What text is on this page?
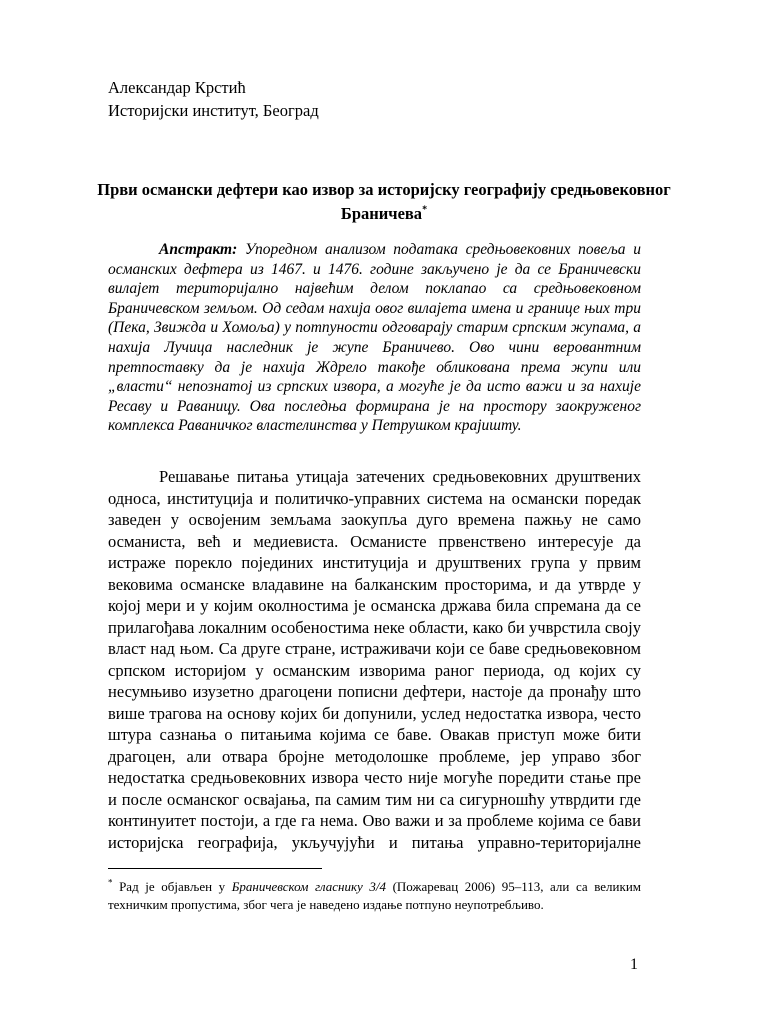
Александар Крстић
Историјски институт, Београд
Први османски дефтери као извор за историјску географију средњовековног Браничева*
Апстракт: Упоредном анализом података средњовековних повеља и османских дефтера из 1467. и 1476. године закључено је да се Браничевски вилајет територијално највећим делом поклапао са средњовековном Браничевском земљом. Од седам нахија овог вилајета имена и границе њих три (Пека, Звижда и Хомоља) у потпуности одговарају старим српским жупама, а нахија Лучица наследник је жупе Браничево. Ово чини веровантним претпоставку да је нахија Ждрело такође обликована према жупи или „власти“ непознатој из српских извора, а могуће је да исто важи и за нахије Ресаву и Раваницу. Ова последња формирана је на простору заокруженог комплекса Раваничког властелинства у Петрушком крајишту.
Решавање питања утицаја затечених средњовековних друштвених односа, институција и политичко-управних система на османски поредак заведен у освојеним земљама заокупља дуго времена пажњу не само османиста, већ и медиевиста. Османисте првенствено интересује да истраже порекло појединих институција и друштвених група у првим вековима османске владавине на балканским просторима, и да утврде у којој мери и у којим околностима је османска држава била спремана да се прилагођава локалним особеностима неке области, како би учврстила своју власт над њом. Са друге стране, истраживачи који се баве средњовековном српском историјом у османским изворима раног периода, од којих су несумњиво изузетно драгоцени пописни дефтери, настоје да пронађу што више трагова на основу којих би допунили, услед недостатка извора, често штура сазнања о питањима којима се баве. Овакав приступ може бити драгоцен, али отвара бројне методолошке проблеме, јер управо због недостатка средњовековних извора често није могуће поредити стање пре и после османског освајања, па самим тим ни са сигурношћу утврдити где континуитет постоји, а где га нема. Ово важи и за проблеме којима се бави историјска географија, укључујући и питања управно-територијалне
* Рад је објављен у Браничевском гласнику 3/4 (Пожаревац 2006) 95–113, али са великим техничким пропустима, због чега је наведено издање потпуно неупотребљиво.
1
